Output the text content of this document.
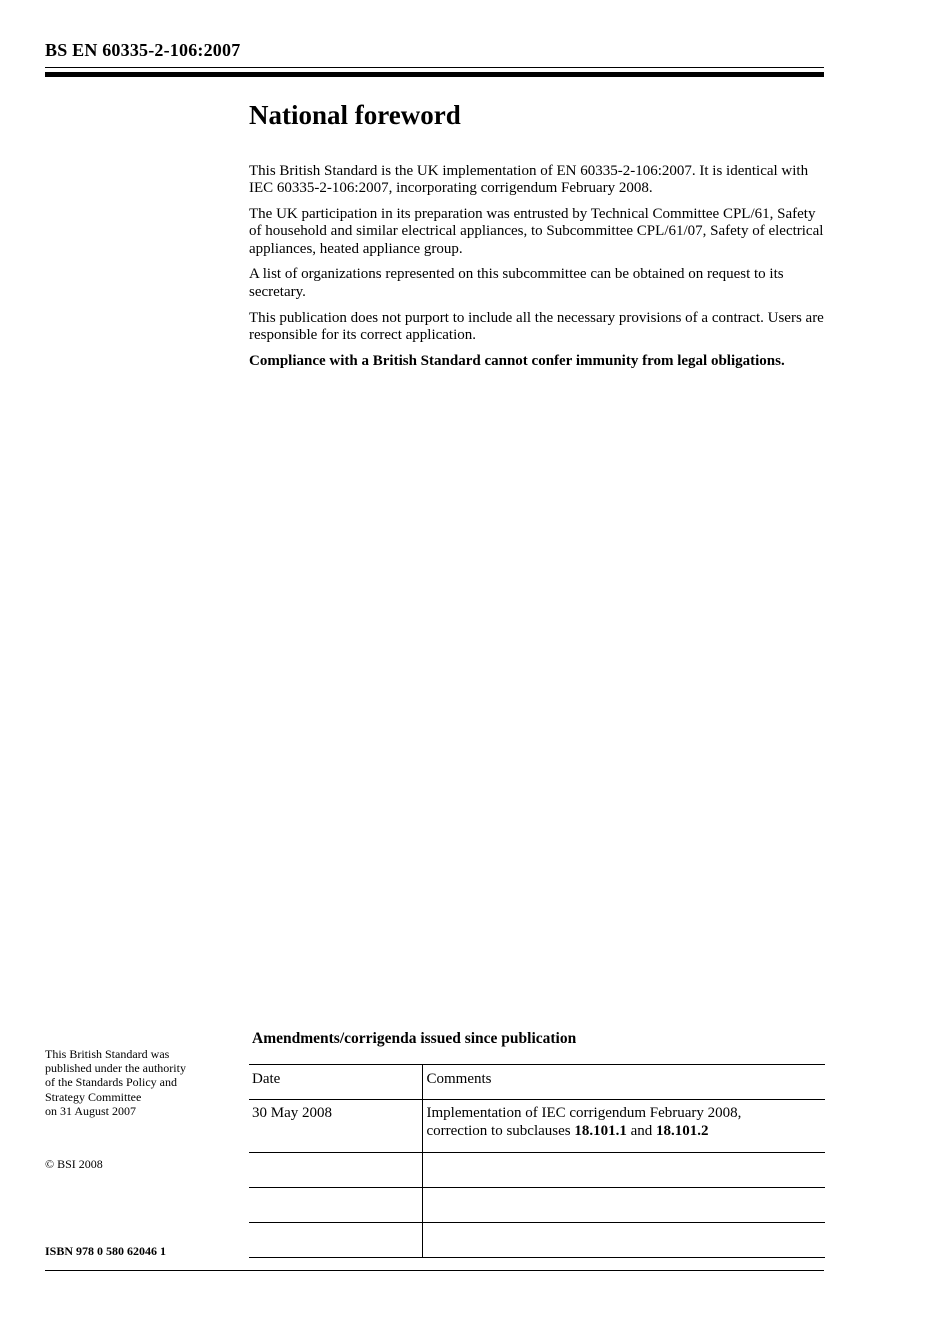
BS EN 60335-2-106:2007
National foreword

This British Standard is the UK implementation of EN 60335-2-106:2007. It is identical with IEC 60335-2-106:2007, incorporating corrigendum February 2008.

The UK participation in its preparation was entrusted by Technical Committee CPL/61, Safety of household and similar electrical appliances, to Subcommittee CPL/61/07, Safety of electrical appliances, heated appliance group.

A list of organizations represented on this subcommittee can be obtained on request to its secretary.

This publication does not purport to include all the necessary provisions of a contract. Users are responsible for its correct application.

Compliance with a British Standard cannot confer immunity from legal obligations.

This British Standard was
published under the authority
of the Standards Policy and
Strategy Committee
on 31 August 2007
© BSI 2008
ISBN 978 0 580 62046 1
Amendments/corrigenda issued since publication
Date	Comments
30 May 2008	Implementation of IEC corrigendum February 2008,
correction to subclauses 18.101.1 and 18.101.2
